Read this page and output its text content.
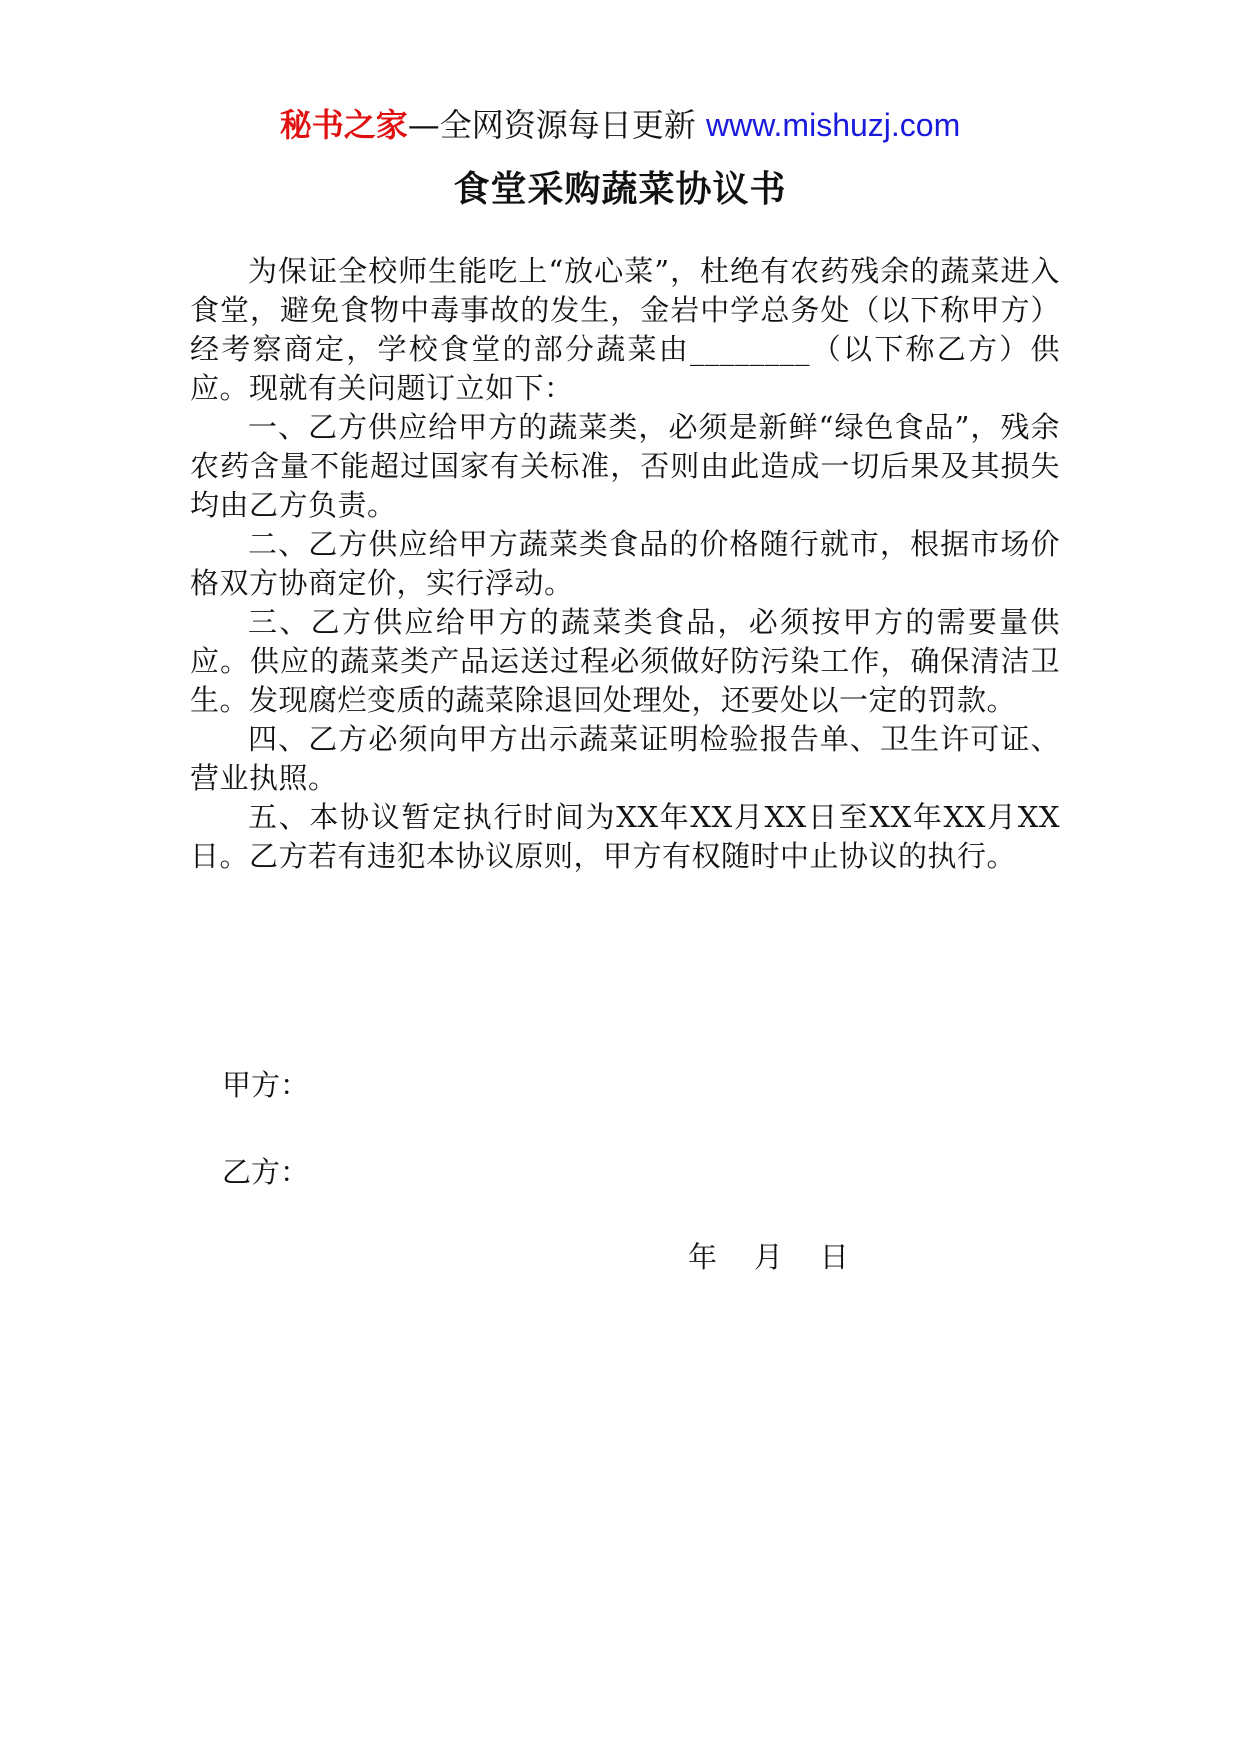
秘书之家—全网资源每日更新 www.mishuzj.com
食堂采购蔬菜协议书

为保证全校师生能吃上“放心菜”，杜绝有农药残余的蔬菜进入食堂，避免食物中毒事故的发生，金岩中学总务处（以下称甲方）经考察商定，学校食堂的部分蔬菜由________（以下称乙方）供应。现就有关问题订立如下：

一、乙方供应给甲方的蔬菜类，必须是新鲜“绿色食品”，残余农药含量不能超过国家有关标准，否则由此造成一切后果及其损失均由乙方负责。

二、乙方供应给甲方蔬菜类食品的价格随行就市，根据市场价格双方协商定价，实行浮动。

三、乙方供应给甲方的蔬菜类食品，必须按甲方的需要量供应。供应的蔬菜类产品运送过程必须做好防污染工作，确保清洁卫生。发现腐烂变质的蔬菜除退回处理处，还要处以一定的罚款。

四、乙方必须向甲方出示蔬菜证明检验报告单、卫生许可证、营业执照。

五、本协议暂定执行时间为XX年XX月XX日至XX年XX月XX日。乙方若有违犯本协议原则，甲方有权随时中止协议的执行。

甲方：
乙方：
年    月    日
